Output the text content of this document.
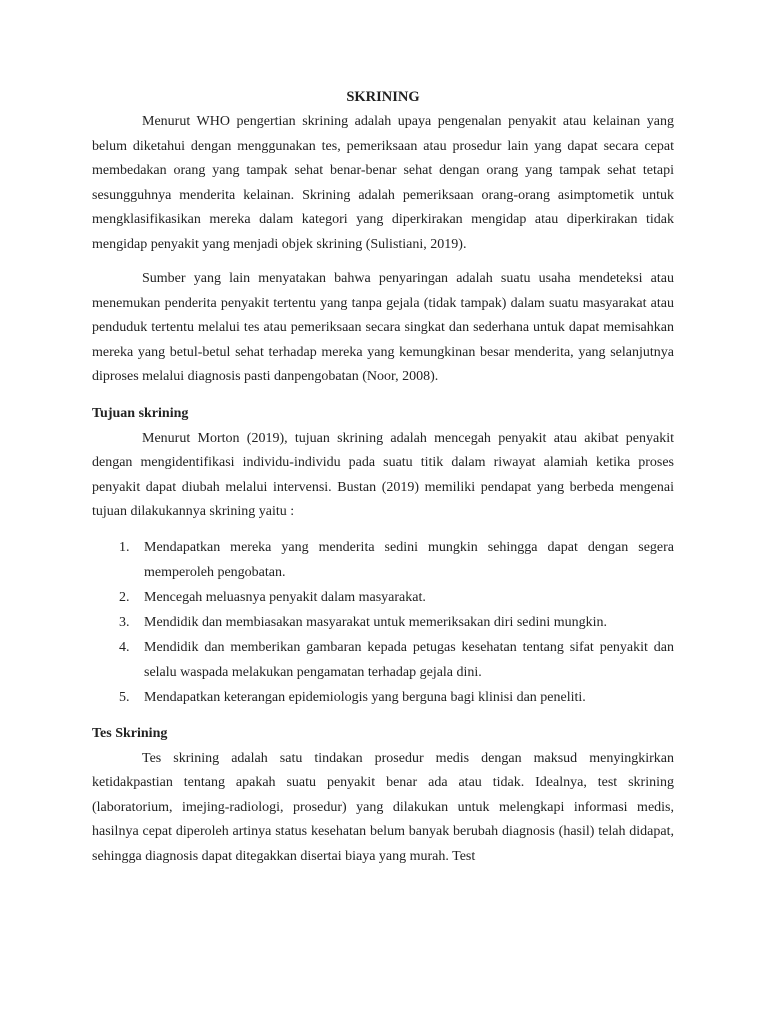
SKRINING

Menurut WHO pengertian skrining adalah upaya pengenalan penyakit atau kelainan yang belum diketahui dengan menggunakan tes, pemeriksaan atau prosedur lain yang dapat secara cepat membedakan orang yang tampak sehat benar-benar sehat dengan orang yang tampak sehat tetapi sesungguhnya menderita kelainan. Skrining adalah pemeriksaan orang-orang asimptometik untuk mengklasifikasikan mereka dalam kategori yang diperkirakan mengidap atau diperkirakan tidak mengidap penyakit yang menjadi objek skrining (Sulistiani, 2019).

Sumber yang lain menyatakan bahwa penyaringan adalah suatu usaha mendeteksi atau menemukan penderita penyakit tertentu yang tanpa gejala (tidak tampak) dalam suatu masyarakat atau penduduk tertentu melalui tes atau pemeriksaan secara singkat dan sederhana untuk dapat memisahkan mereka yang betul-betul sehat terhadap mereka yang kemungkinan besar menderita, yang selanjutnya diproses melalui diagnosis pasti danpengobatan (Noor, 2008).

Tujuan skrining

Menurut Morton (2019), tujuan skrining adalah mencegah penyakit atau akibat penyakit dengan mengidentifikasi individu-individu pada suatu titik dalam riwayat alamiah ketika proses penyakit dapat diubah melalui intervensi. Bustan (2019) memiliki pendapat yang berbeda mengenai tujuan dilakukannya skrining yaitu :

1. Mendapatkan mereka yang menderita sedini mungkin sehingga dapat dengan segera memperoleh pengobatan.
2. Mencegah meluasnya penyakit dalam masyarakat.
3. Mendidik dan membiasakan masyarakat untuk memeriksakan diri sedini mungkin.
4. Mendidik dan memberikan gambaran kepada petugas kesehatan tentang sifat penyakit dan selalu waspada melakukan pengamatan terhadap gejala dini.
5. Mendapatkan keterangan epidemiologis yang berguna bagi klinisi dan peneliti.
Tes Skrining

Tes skrining adalah satu tindakan prosedur medis dengan maksud menyingkirkan ketidakpastian tentang apakah suatu penyakit benar ada atau tidak. Idealnya, test skrining (laboratorium, imejing-radiologi, prosedur) yang dilakukan untuk melengkapi informasi medis, hasilnya cepat diperoleh artinya status kesehatan belum banyak berubah diagnosis (hasil) telah didapat, sehingga diagnosis dapat ditegakkan disertai biaya yang murah. Test
